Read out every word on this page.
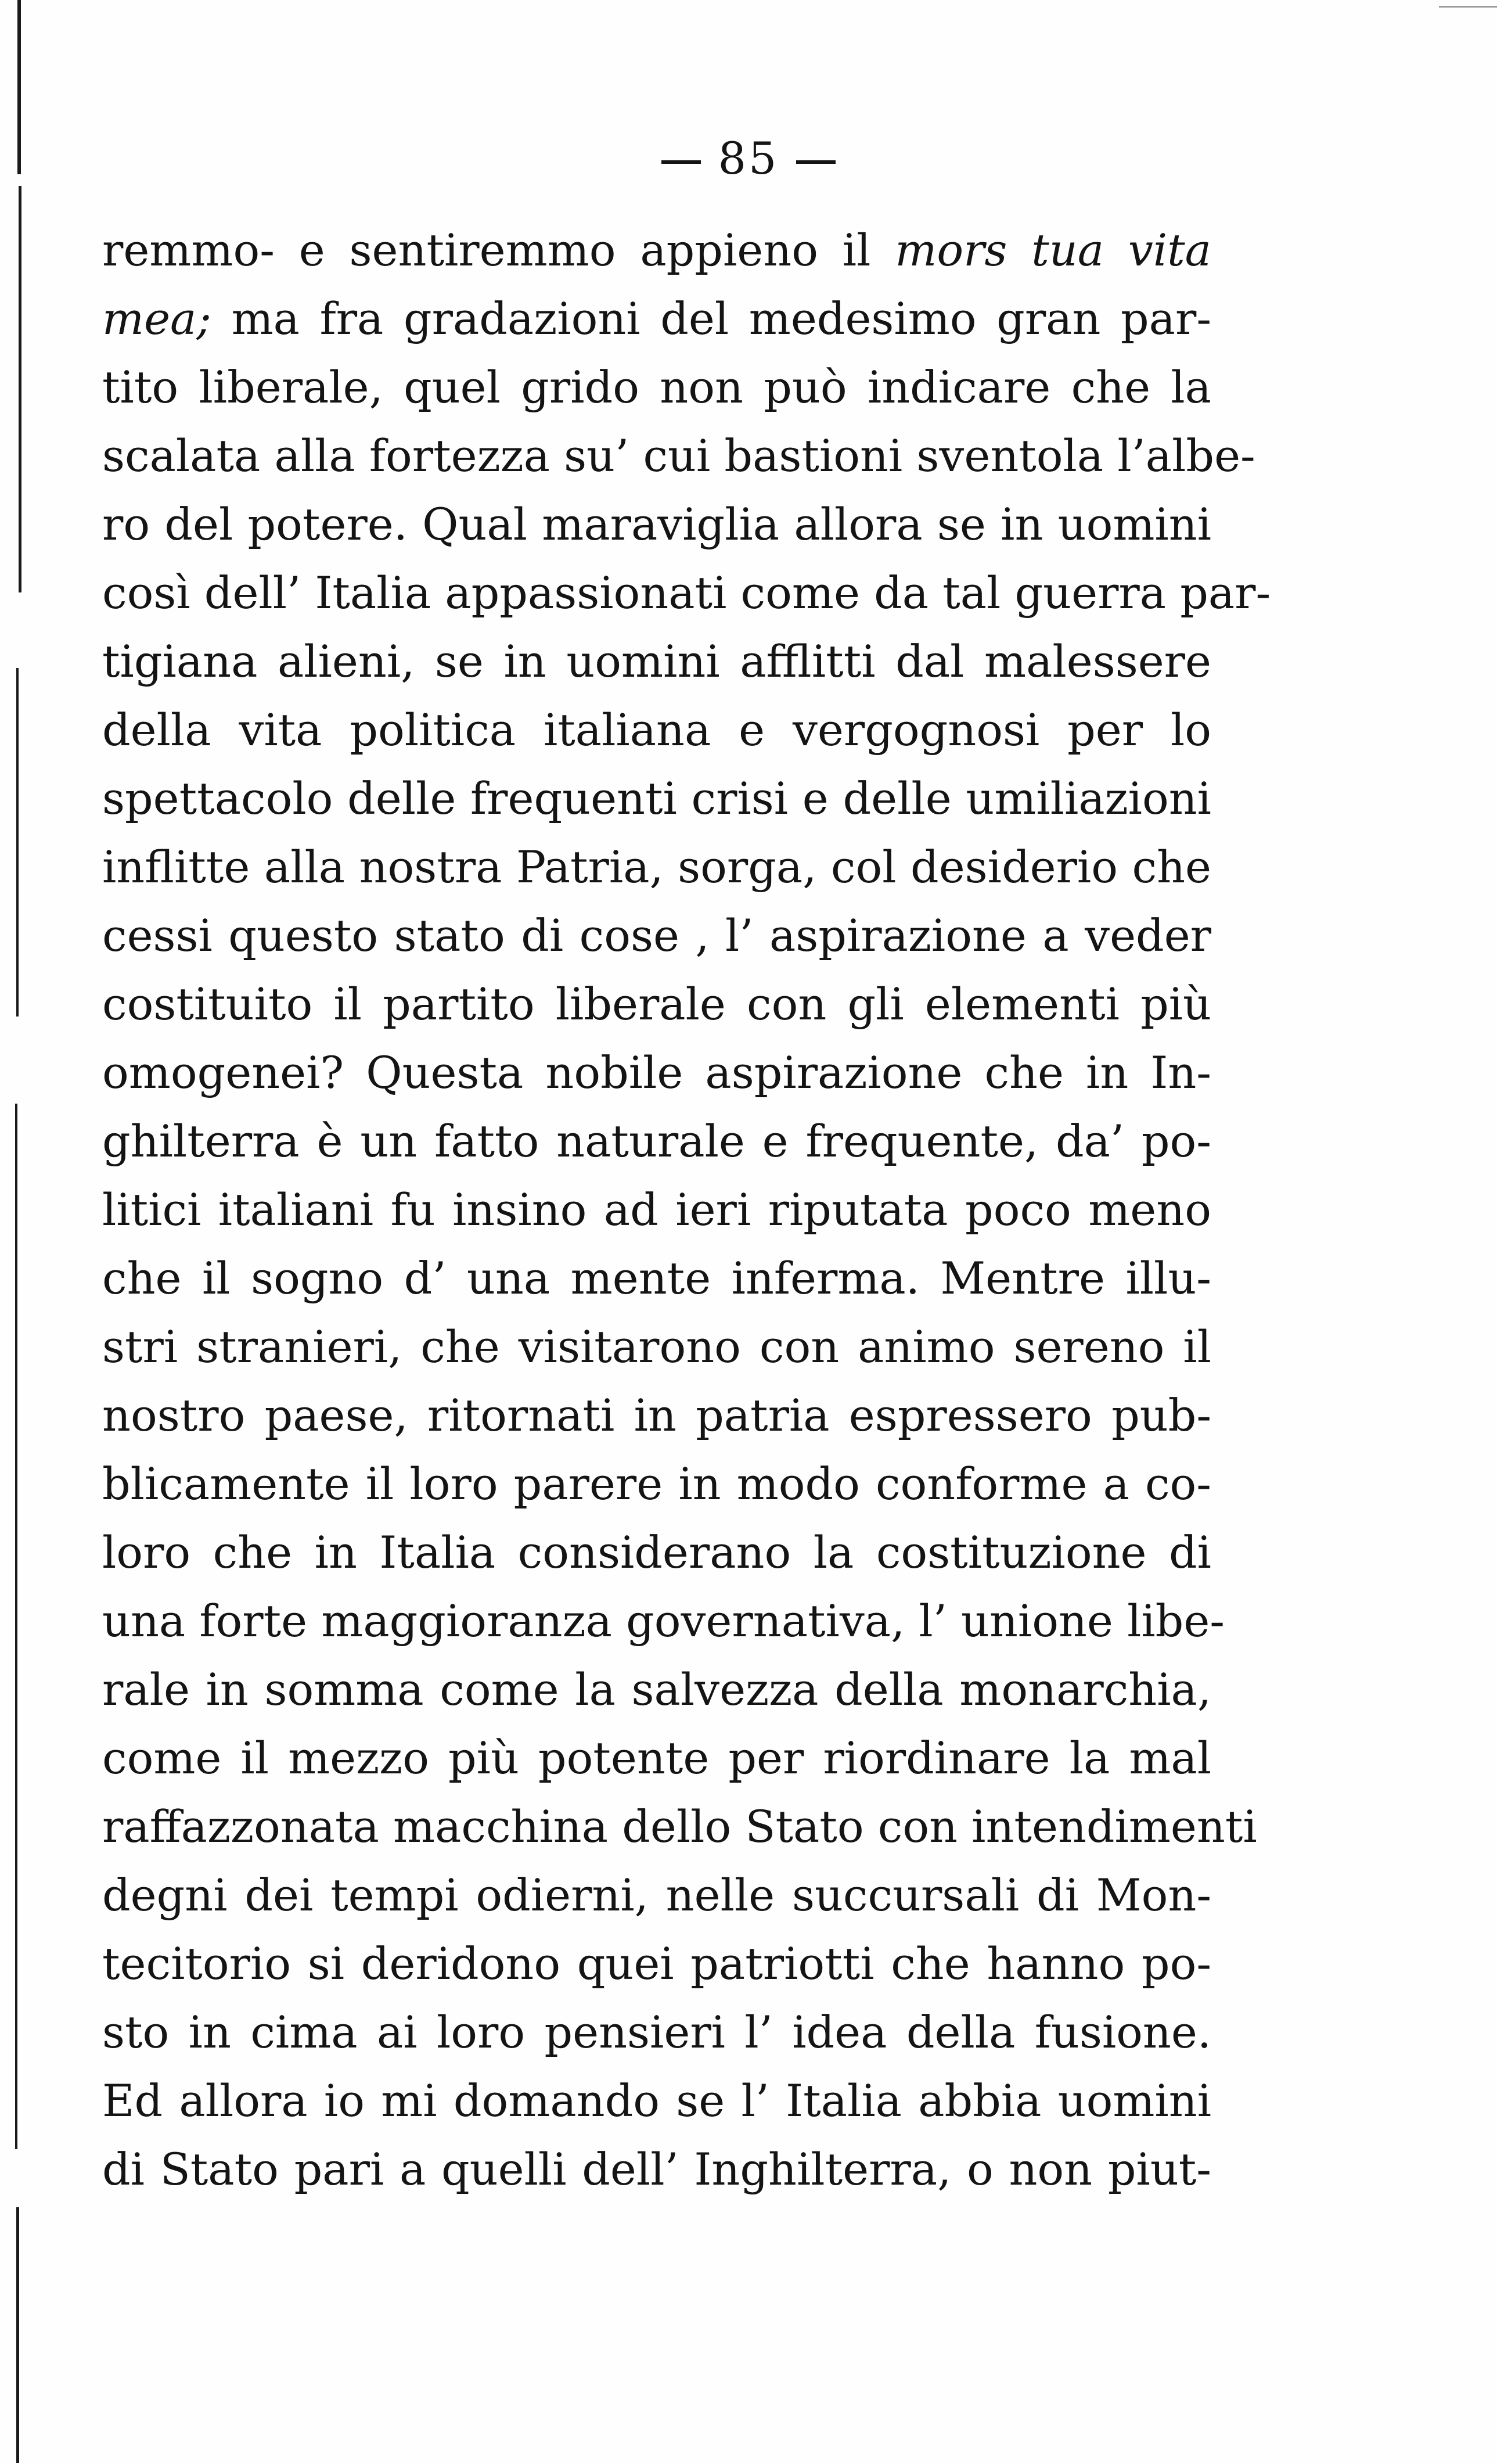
85
remmo- e sentiremmo appieno il mors tua vita
mea; ma fra gradazioni del medesimo gran par-
tito liberale, quel grido non può indicare che la
scalata alla fortezza su’ cui bastioni sventola l’albe-
ro del potere. Qual maraviglia allora se in uomini
così dell’ Italia appassionati come da tal guerra par-
tigiana alieni, se in uomini afflitti dal malessere
della vita politica italiana e vergognosi per lo
spettacolo delle frequenti crisi e delle umiliazioni
inflitte alla nostra Patria, sorga, col desiderio che
cessi questo stato di cose , l’ aspirazione a veder
costituito il partito liberale con gli elementi più
omogenei? Questa nobile aspirazione che in In-
ghilterra è un fatto naturale e frequente, da’ po-
litici italiani fu insino ad ieri riputata poco meno
che il sogno d’ una mente inferma. Mentre illu-
stri stranieri, che visitarono con animo sereno il
nostro paese, ritornati in patria espressero pub-
blicamente il loro parere in modo conforme a co-
loro che in Italia considerano la costituzione di
una forte maggioranza governativa, l’ unione libe-
rale in somma come la salvezza della monarchia,
come il mezzo più potente per riordinare la mal
raffazzonata macchina dello Stato con intendimenti
degni dei tempi odierni, nelle succursali di Mon-
tecitorio si deridono quei patriotti che hanno po-
sto in cima ai loro pensieri l’ idea della fusione.
Ed allora io mi domando se l’ Italia abbia uomini
di Stato pari a quelli dell’ Inghilterra, o non piut-
